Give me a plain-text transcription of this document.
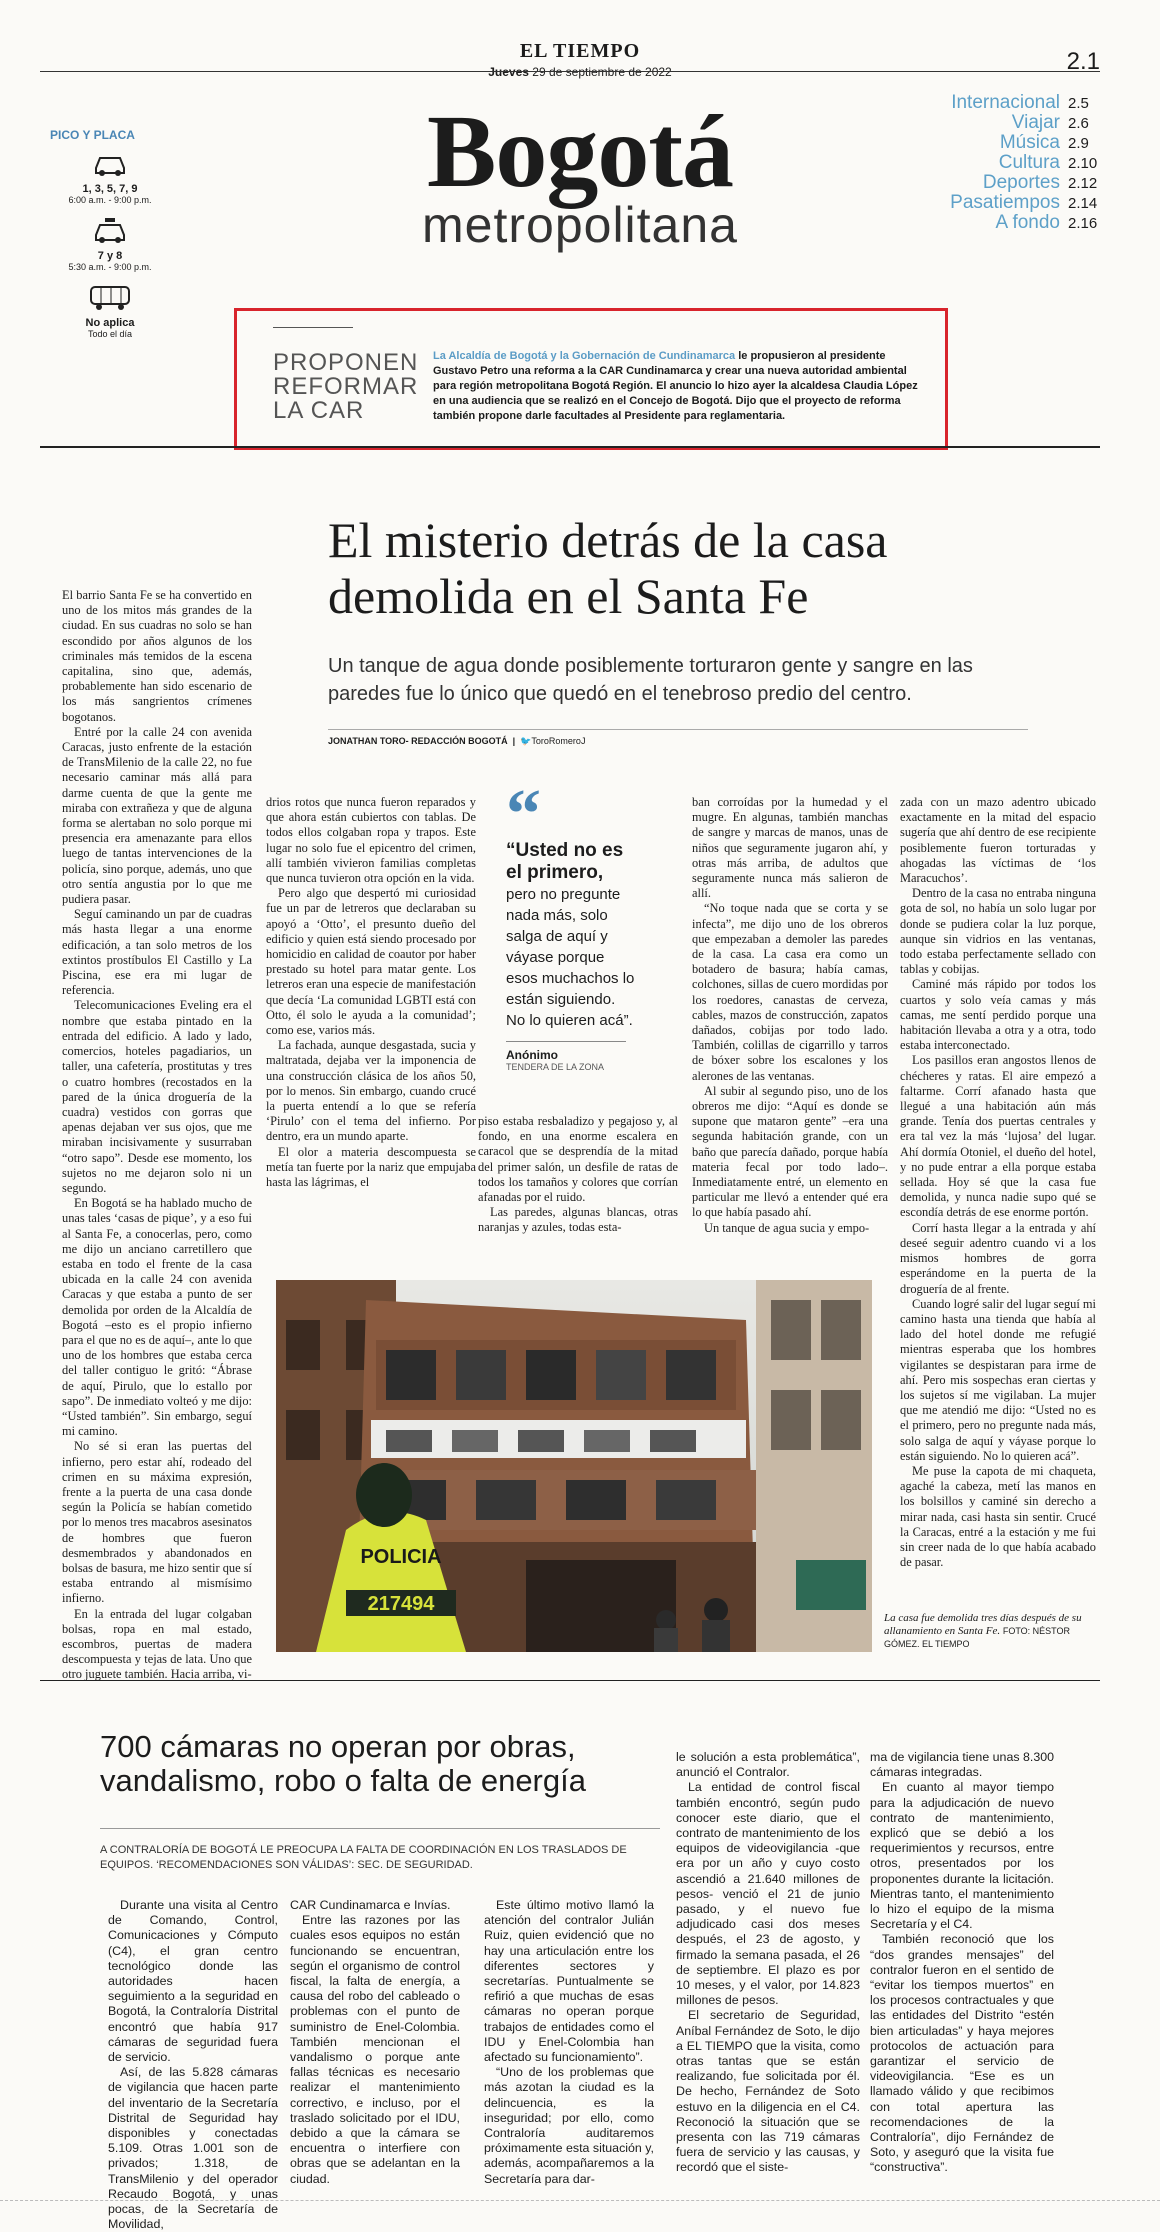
EL TIEMPO
Jueves 29 de septiembre de 2022	2.1
Bogotá
metropolitana
PICO Y PLACA
1, 3, 5, 7, 9
6:00 a.m. - 9:00 p.m.
7 y 8
5:30 a.m. - 9:00 p.m.
No aplica
Todo el día
Internacional 2.5
Viajar 2.6
Música 2.9
Cultura 2.10
Deportes 2.12
Pasatiempos 2.14
A fondo 2.16
PROPONEN
REFORMAR
LA CAR
La Alcaldía de Bogotá y la Gobernación de Cundinamarca le propusieron al presidente Gustavo Petro una reforma a la CAR Cundinamarca y crear una nueva autoridad ambiental para región metropolitana Bogotá Región. El anuncio lo hizo ayer la alcaldesa Claudia López en una audiencia que se realizó en el Concejo de Bogotá. Dijo que el proyecto de reforma también propone darle facultades al Presidente para reglamentaria.
El misterio detrás de la casa demolida en el Santa Fe
Un tanque de agua donde posiblemente torturaron gente y sangre en las paredes fue lo único que quedó en el tenebroso predio del centro.
JONATHAN TORO- REDACCIÓN BOGOTÁ  |  🐦ToroRomeroJ

El barrio Santa Fe se ha convertido en uno de los mitos más grandes de la ciudad. En sus cuadras no solo se han escondido por años algunos de los criminales más temidos de la escena capitalina, sino que, además, probablemente han sido escenario de los más sangrientos crímenes bogotanos.

Entré por la calle 24 con avenida Caracas, justo enfrente de la estación de TransMilenio de la calle 22, no fue necesario caminar más allá para darme cuenta de que la gente me miraba con extrañeza y que de alguna forma se alertaban no solo porque mi presencia era amenazante para ellos luego de tantas intervenciones de la policía, sino porque, además, uno que otro sentía angustia por lo que me pudiera pasar.

Seguí caminando un par de cuadras más hasta llegar a una enorme edificación, a tan solo metros de los extintos prostíbulos El Castillo y La Piscina, ese era mi lugar de referencia.

Telecomunicaciones Eveling era el nombre que estaba pintado en la entrada del edificio. A lado y lado, comercios, hoteles pagadiarios, un taller, una cafetería, prostitutas y tres o cuatro hombres (recostados en la pared de la única droguería de la cuadra) vestidos con gorras que apenas dejaban ver sus ojos, que me miraban incisivamente y susurraban “otro sapo”. Desde ese momento, los sujetos no me dejaron solo ni un segundo.

En Bogotá se ha hablado mucho de unas tales ‘casas de pique’, y a eso fui al Santa Fe, a conocerlas, pero, como me dijo un anciano carretillero que estaba en todo el frente de la casa ubicada en la calle 24 con avenida Caracas y que estaba a punto de ser demolida por orden de la Alcaldía de Bogotá –esto es el propio infierno para el que no es de aquí–, ante lo que uno de los hombres que estaba cerca del taller contiguo le gritó: “Ábrase de aquí, Pirulo, que lo estallo por sapo”. De inmediato volteó y me dijo: “Usted también”. Sin embargo, seguí mi camino.

No sé si eran las puertas del infierno, pero estar ahí, rodeado del crimen en su máxima expresión, frente a la puerta de una casa donde según la Policía se habían cometido por lo menos tres macabros asesinatos de hombres que fueron desmembrados y abandonados en bolsas de basura, me hizo sentir que sí estaba entrando al mismísimo infierno.

En la entrada del lugar colgaban bolsas, ropa en mal estado, escombros, puertas de madera descompuesta y tejas de lata. Uno que otro juguete también. Hacia arriba, vi-

drios rotos que nunca fueron reparados y que ahora están cubiertos con tablas. De todos ellos colgaban ropa y trapos. Este lugar no solo fue el epicentro del crimen, allí también vivieron familias completas que nunca tuvieron otra opción en la vida.

Pero algo que despertó mi curiosidad fue un par de letreros que declaraban su apoyó a ‘Otto’, el presunto dueño del edificio y quien está siendo procesado por homicidio en calidad de coautor por haber prestado su hotel para matar gente. Los letreros eran una especie de manifestación que decía ‘La comunidad LGBTI está con Otto, él solo le ayuda a la comunidad’; como ese, varios más.

La fachada, aunque desgastada, sucia y maltratada, dejaba ver la imponencia de una construcción clásica de los años 50, por lo menos. Sin embargo, cuando crucé la puerta entendí a lo que se refería ‘Pirulo’ con el tema del infierno. Por dentro, era un mundo aparte.

El olor a materia descompuesta se metía tan fuerte por la nariz que empujaba hasta las lágrimas, el

“
“Usted no es el primero,
pero no pregunte nada más, solo salga de aquí y váyase porque esos muchachos lo están siguiendo. No lo quieren acá”.
Anónimo
TENDERA DE LA ZONA

piso estaba resbaladizo y pegajoso y, al fondo, en una enorme escalera en caracol que se desprendía de la mitad del primer salón, un desfile de ratas de todos los tamaños y colores que corrían afanadas por el ruido.

Las paredes, algunas blancas, otras naranjas y azules, todas esta-

ban corroídas por la humedad y el mugre. En algunas, también manchas de sangre y marcas de manos, unas de niños que seguramente jugaron ahí, y otras más arriba, de adultos que seguramente nunca más salieron de allí.

“No toque nada que se corta y se infecta”, me dijo uno de los obreros que empezaban a demoler las paredes de la casa. La casa era como un botadero de basura; había camas, colchones, sillas de cuero mordidas por los roedores, canastas de cerveza, cables, mazos de construcción, zapatos dañados, cobijas por todo lado. También, colillas de cigarrillo y tarros de bóxer sobre los escalones y los alerones de las ventanas.

Al subir al segundo piso, uno de los obreros me dijo: “Aquí es donde se supone que mataron gente” –era una segunda habitación grande, con un baño que parecía dañado, porque había materia fecal por todo lado–. Inmediatamente entré, un elemento en particular me llevó a entender qué era lo que había pasado ahí.

Un tanque de agua sucia y empo-

zada con un mazo adentro ubicado exactamente en la mitad del espacio sugería que ahí dentro de ese recipiente posiblemente fueron torturadas y ahogadas las víctimas de ‘los Maracuchos’.

Dentro de la casa no entraba ninguna gota de sol, no había un solo lugar por donde se pudiera colar la luz porque, aunque sin vidrios en las ventanas, todo estaba perfectamente sellado con tablas y cobijas.

Caminé más rápido por todos los cuartos y solo veía camas y más camas, me sentí perdido porque una habitación llevaba a otra y a otra, todo estaba interconectado.

Los pasillos eran angostos llenos de chécheres y ratas. El aire empezó a faltarme. Corrí afanado hasta que llegué a una habitación aún más grande. Tenía dos puertas centrales y era tal vez la más ‘lujosa’ del lugar. Ahí dormía Otoniel, el dueño del hotel, y no pude entrar a ella porque estaba sellada. Hoy sé que la casa fue demolida, y nunca nadie supo qué se escondía detrás de ese enorme portón.

Corrí hasta llegar a la entrada y ahí deseé seguir adentro cuando vi a los mismos hombres de gorra esperándome en la puerta de la droguería de al frente.

Cuando logré salir del lugar seguí mi camino hasta una tienda que había al lado del hotel donde me refugié mientras esperaba que los hombres vigilantes se despistaran para irme de ahí. Pero mis sospechas eran ciertas y los sujetos sí me vigilaban. La mujer que me atendió me dijo: “Usted no es el primero, pero no pregunte nada más, solo salga de aquí y váyase porque lo están siguiendo. No lo quieren acá”.

Me puse la capota de mi chaqueta, agaché la cabeza, metí las manos en los bolsillos y caminé sin derecho a mirar nada, casi hasta sin sentir. Crucé la Caracas, entré a la estación y me fui sin creer nada de lo que había acabado de pasar.

POLICIA
217494
La casa fue demolida tres días después de su allanamiento en Santa Fe. FOTO: NÉSTOR GÓMEZ. EL TIEMPO
700 cámaras no operan por obras, vandalismo, robo o falta de energía
A CONTRALORÍA DE BOGOTÁ LE PREOCUPA LA FALTA DE COORDINACIÓN EN LOS TRASLADOS DE EQUIPOS. ‘RECOMENDACIONES SON VÁLIDAS’: SEC. DE SEGURIDAD.

Durante una visita al Centro de Comando, Control, Comunicaciones y Cómputo (C4), el gran centro tecnológico donde las autoridades hacen seguimiento a la seguridad en Bogotá, la Contraloría Distrital encontró que había 917 cámaras de seguridad fuera de servicio.

Así, de las 5.828 cámaras de vigilancia que hacen parte del inventario de la Secretaría Distrital de Seguridad hay disponibles y conectadas 5.109. Otras 1.001 son de privados; 1.318, de TransMilenio y del operador Recaudo Bogotá, y unas pocas, de la Secretaría de Movilidad,

CAR Cundinamarca e Invías.

Entre las razones por las cuales esos equipos no están funcionando se encuentran, según el organismo de control fiscal, la falta de energía, a causa del robo del cableado o problemas con el punto de suministro de Enel-Colombia. También mencionan el vandalismo o porque ante fallas técnicas es necesario realizar el mantenimiento correctivo, e incluso, por el traslado solicitado por el IDU, debido a que la cámara se encuentra o interfiere con obras que se adelantan en la ciudad.

Este último motivo llamó la atención del contralor Julián Ruiz, quien evidenció que no hay una articulación entre los diferentes sectores y secretarías. Puntualmente se refirió a que muchas de esas cámaras no operan porque trabajos de entidades como el IDU y Enel-Colombia han afectado su funcionamiento”.

“Uno de los problemas que más azotan la ciudad es la delincuencia, es la inseguridad; por ello, como Contraloría auditaremos próximamente esta situación y, además, acompañaremos a la Secretaría para dar-

le solución a esta problemática”, anunció el Contralor.

La entidad de control fiscal también encontró, según pudo conocer este diario, que el contrato de mantenimiento de los equipos de videovigilancia -que era por un año y cuyo costo ascendió a 21.640 millones de pesos- venció el 21 de junio pasado, y el nuevo fue adjudicado casi dos meses después, el 23 de agosto, y firmado la semana pasada, el 26 de septiembre. El plazo es por 10 meses, y el valor, por 14.823 millones de pesos.

El secretario de Seguridad, Aníbal Fernández de Soto, le dijo a EL TIEMPO que la visita, como otras tantas que se están realizando, fue solicitada por él. De hecho, Fernández de Soto estuvo en la diligencia en el C4. Reconoció la situación que se presenta con las 719 cámaras fuera de servicio y las causas, y recordó que el siste-

ma de vigilancia tiene unas 8.300 cámaras integradas.

En cuanto al mayor tiempo para la adjudicación de nuevo contrato de mantenimiento, explicó que se debió a los requerimientos y recursos, entre otros, presentados por los proponentes durante la licitación. Mientras tanto, el mantenimiento lo hizo el equipo de la misma Secretaría y el C4.

También reconoció que los “dos grandes mensajes” del contralor fueron en el sentido de “evitar los tiempos muertos” en los procesos contractuales y que las entidades del Distrito “estén bien articuladas” y haya mejores protocolos de actuación para garantizar el servicio de videovigilancia. “Ese es un llamado válido y que recibimos con total apertura las recomendaciones de la Contraloría”, dijo Fernández de Soto, y aseguró que la visita fue “constructiva”.
